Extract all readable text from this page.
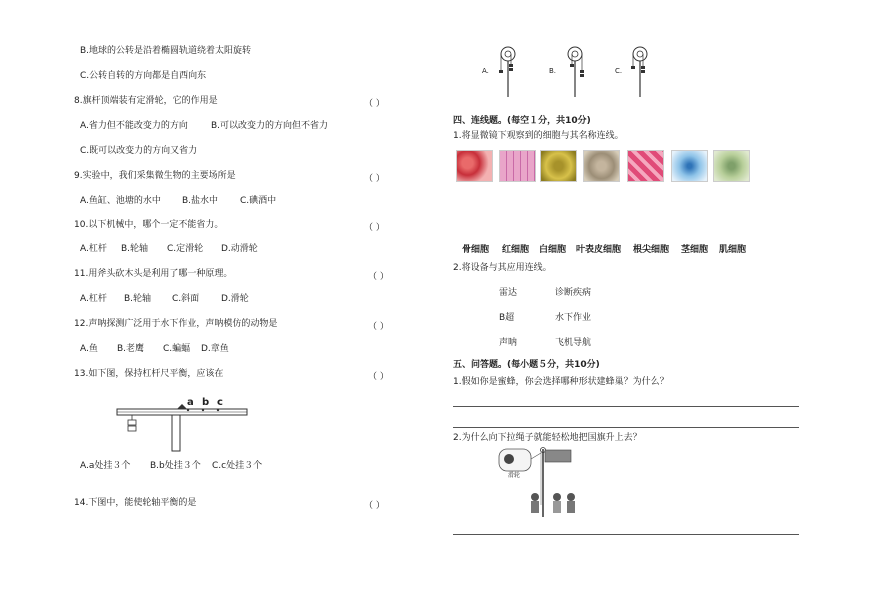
B.地球的公转是沿着椭圆轨道绕着太阳旋转
C.公转自转的方向都是自西向东
8.旗杆顶端装有定滑轮，它的作用是	（ ）
A.省力但不能改变力的方向	B.可以改变力的方向但不省力
C.既可以改变力的方向又省力
9.实验中，我们采集微生物的主要场所是	（ ）
A.鱼缸、池塘的水中 B.盐水中 C.碘酒中
10.以下机械中，哪个一定不能省力。	（ ）
A.杠杆 B.轮轴 C.定滑轮 D.动滑轮
11.用斧头砍木头是利用了哪一种原理。	（ ）
A.杠杆 B.轮轴 C.斜面 D.滑轮
12.声呐探测广泛用于水下作业，声呐模仿的动物是	（ ）
A.鱼 B.老鹰 C.蝙蝠 D.章鱼
13.如下图，保持杠杆尺平衡，应该在	（ ）
a b c
A.a处挂３个 B.b处挂３个 C.c处挂３个
14.下图中，能使轮轴平衡的是	（ ）
A.	B.	C.
四、连线题。(每空１分，共10分)
1.将显微镜下观察到的细胞与其名称连线。
骨细胞 红细胞 白细胞 叶表皮细胞 根尖细胞 茎细胞 肌细胞
2.将设备与其应用连线。
雷达	诊断疾病
B超	水下作业
声呐	飞机导航
五、问答题。(每小题５分，共10分)
1.假如你是蜜蜂，你会选择哪种形状建蜂巢？为什么？
2.为什么向下拉绳子就能轻松地把国旗升上去？
滑轮
